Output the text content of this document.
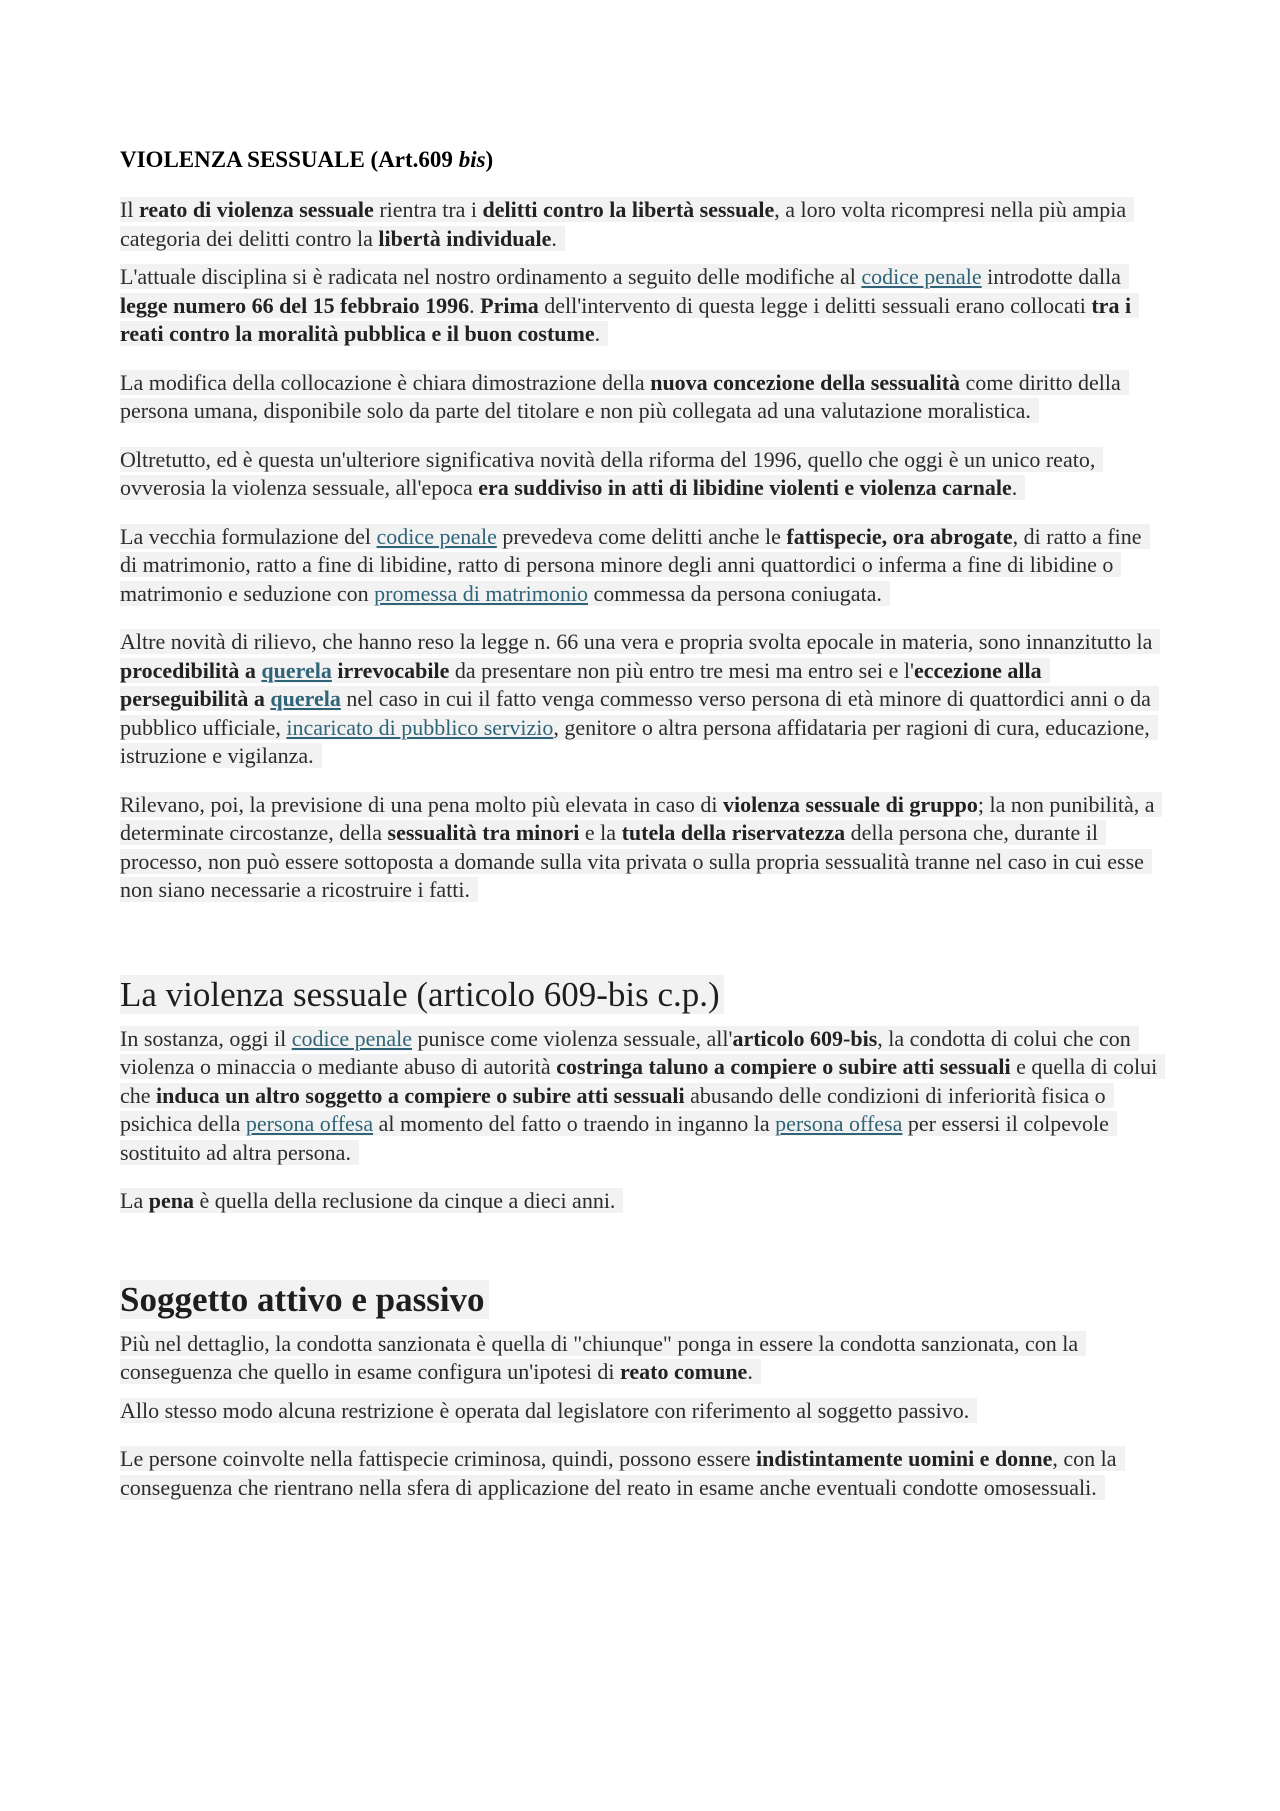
VIOLENZA SESSUALE (Art.609 bis)

Il reato di violenza sessuale rientra tra i delitti contro la libertà sessuale, a loro volta ricompresi nella più ampia categoria dei delitti contro la libertà individuale.

L'attuale disciplina si è radicata nel nostro ordinamento a seguito delle modifiche al codice penale introdotte dalla legge numero 66 del 15 febbraio 1996. Prima dell'intervento di questa legge i delitti sessuali erano collocati tra i reati contro la moralità pubblica e il buon costume.

La modifica della collocazione è chiara dimostrazione della nuova concezione della sessualità come diritto della persona umana, disponibile solo da parte del titolare e non più collegata ad una valutazione moralistica.

Oltretutto, ed è questa un'ulteriore significativa novità della riforma del 1996, quello che oggi è un unico reato, ovverosia la violenza sessuale, all'epoca era suddiviso in atti di libidine violenti e violenza carnale.

La vecchia formulazione del codice penale prevedeva come delitti anche le fattispecie, ora abrogate, di ratto a fine di matrimonio, ratto a fine di libidine, ratto di persona minore degli anni quattordici o inferma a fine di libidine o matrimonio e seduzione con promessa di matrimonio commessa da persona coniugata.

Altre novità di rilievo, che hanno reso la legge n. 66 una vera e propria svolta epocale in materia, sono innanzitutto la procedibilità a querela irrevocabile da presentare non più entro tre mesi ma entro sei e l'eccezione alla perseguibilità a querela nel caso in cui il fatto venga commesso verso persona di età minore di quattordici anni o da pubblico ufficiale, incaricato di pubblico servizio, genitore o altra persona affidataria per ragioni di cura, educazione, istruzione e vigilanza.

Rilevano, poi, la previsione di una pena molto più elevata in caso di violenza sessuale di gruppo; la non punibilità, a determinate circostanze, della sessualità tra minori e la tutela della riservatezza della persona che, durante il processo, non può essere sottoposta a domande sulla vita privata o sulla propria sessualità tranne nel caso in cui esse non siano necessarie a ricostruire i fatti.

La violenza sessuale (articolo 609-bis c.p.)

In sostanza, oggi il codice penale punisce come violenza sessuale, all'articolo 609-bis, la condotta di colui che con violenza o minaccia o mediante abuso di autorità costringa taluno a compiere o subire atti sessuali e quella di colui che induca un altro soggetto a compiere o subire atti sessuali abusando delle condizioni di inferiorità fisica o psichica della persona offesa al momento del fatto o traendo in inganno la persona offesa per essersi il colpevole sostituito ad altra persona.

La pena è quella della reclusione da cinque a dieci anni.

Soggetto attivo e passivo

Più nel dettaglio, la condotta sanzionata è quella di "chiunque" ponga in essere la condotta sanzionata, con la conseguenza che quello in esame configura un'ipotesi di reato comune.

Allo stesso modo alcuna restrizione è operata dal legislatore con riferimento al soggetto passivo.

Le persone coinvolte nella fattispecie criminosa, quindi, possono essere indistintamente uomini e donne, con la conseguenza che rientrano nella sfera di applicazione del reato in esame anche eventuali condotte omosessuali.
